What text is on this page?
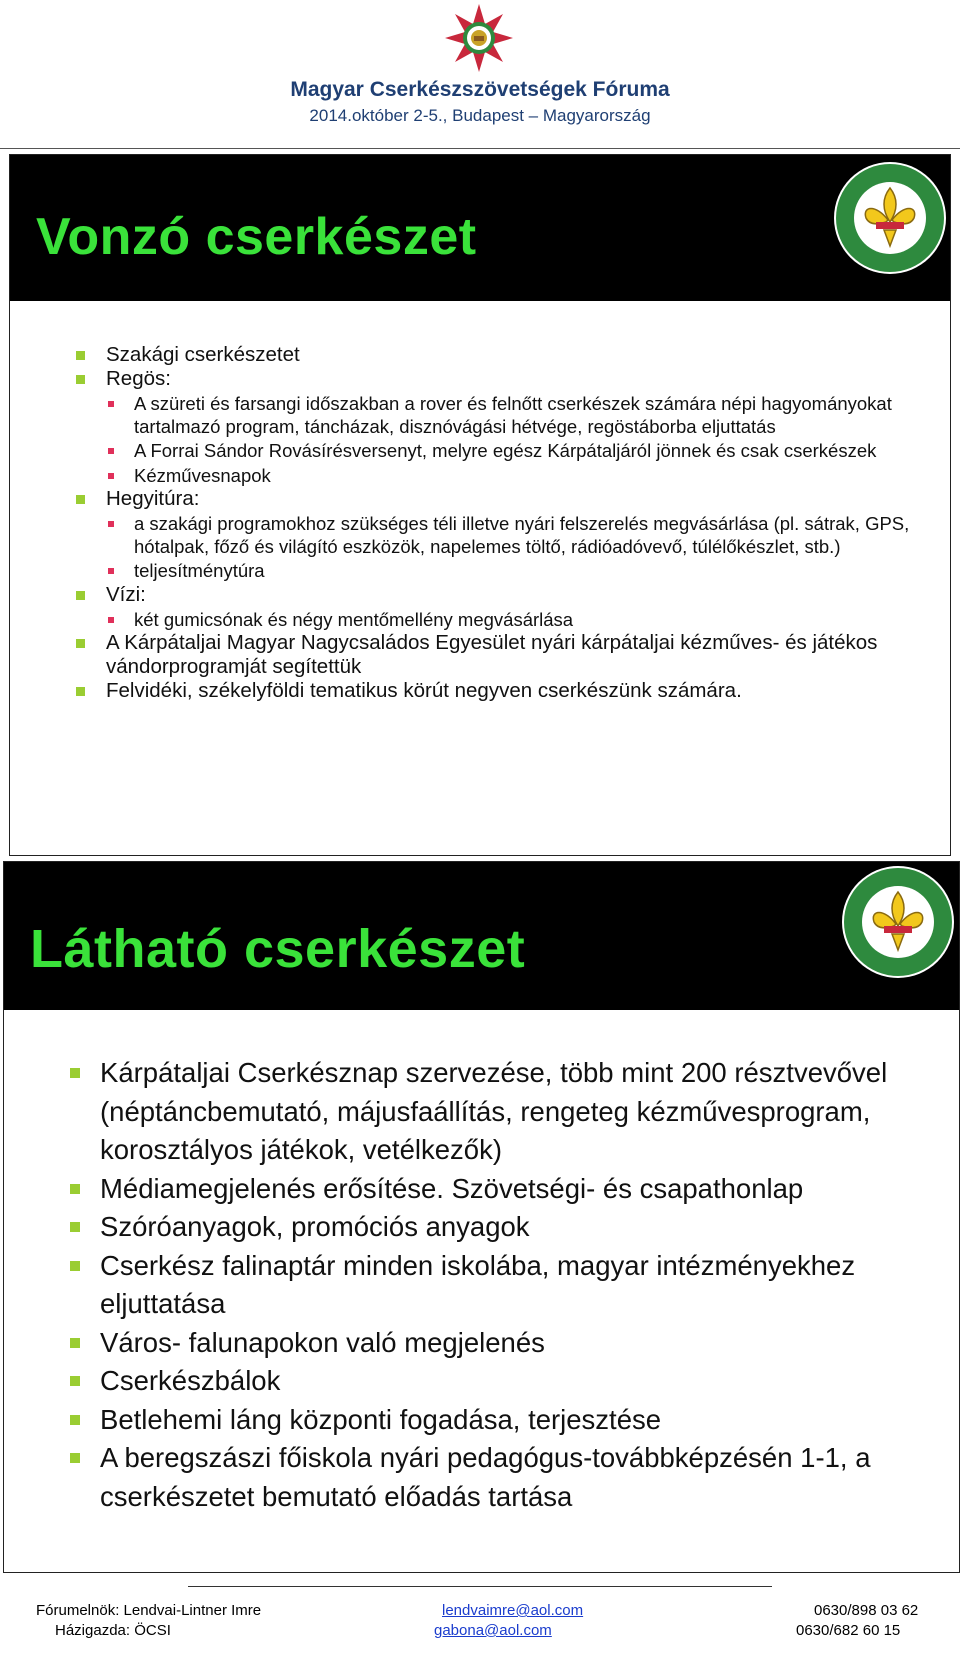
Magyar Cserkészszövetségek Fóruma
2014.október 2-5., Budapest – Magyarország
Vonzó cserkészet
Szakági cserkészetet
Regös:
A szüreti és farsangi időszakban a rover és felnőtt cserkészek számára népi hagyományokat tartalmazó program, táncházak, disznóvágási hétvége, regöstáborba eljuttatás
A Forrai Sándor Rovásírésversenyt, melyre egész Kárpátaljáról jönnek és csak cserkészek
Kézművesnapok
Hegyitúra:
a szakági programokhoz szükséges téli illetve nyári felszerelés megvásárlása (pl. sátrak, GPS, hótalpak, főző és világító eszközök, napelemes töltő, rádióadóvevő, túlélőkészlet, stb.)
teljesítménytúra
Vízi:
két gumicsónak és négy mentőmellény megvásárlása
A Kárpátaljai Magyar Nagycsaládos Egyesület nyári kárpátaljai kézműves- és játékos vándorprogramját segítettük
Felvidéki, székelyföldi tematikus körút negyven cserkészünk számára.
Látható cserkészet
Kárpátaljai Cserkésznap szervezése, több mint 200 résztvevővel (néptáncbemutató, májusfaállítás, rengeteg kézművesprogram, korosztályos játékok, vetélkezők)
Médiamegjelenés erősítése. Szövetségi- és csapathonlap
Szóróanyagok, promóciós anyagok
Cserkész falinaptár minden iskolába, magyar intézményekhez eljuttatása
Város- falunapokon való megjelenés
Cserkészbálok
Betlehemi láng központi fogadása, terjesztése
A beregszászi főiskola nyári pedagógus-továbbképzésén 1-1, a cserkészetet bemutató előadás tartása
Fórumelnök: Lendvai-Lintner Imre	lendvaimre@aol.com	0630/898 03 62
Házigazda: ÖCSI	gabona@aol.com	0630/682 60 15
